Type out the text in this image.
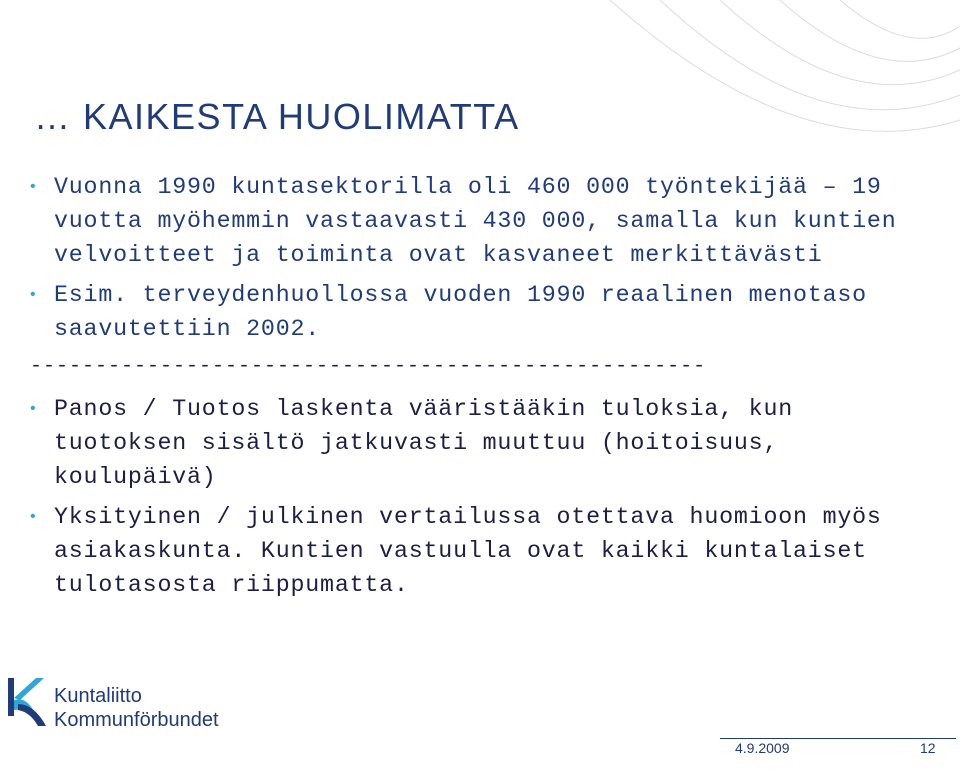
… KAIKESTA HUOLIMATTA
• Vuonna 1990 kuntasektorilla oli 460 000 työntekijää – 19 vuotta myöhemmin vastaavasti 430 000, samalla kun kuntien velvoitteet ja toiminta ovat kasvaneet merkittävästi
• Esim. terveydenhuollossa vuoden 1990 reaalinen menotaso saavutettiin 2002.
----------------------------------------------------
• Panos / Tuotos laskenta vääristääkin tuloksia, kun tuotoksen sisältö jatkuvasti muuttuu (hoitoisuus, koulupäivä)
• Yksityinen / julkinen vertailussa otettava huomioon myös asiakaskunta. Kuntien vastuulla ovat kaikki kuntalaiset tulotasosta riippumatta.
Kuntaliitto
Kommunförbundet
4.9.2009	12
